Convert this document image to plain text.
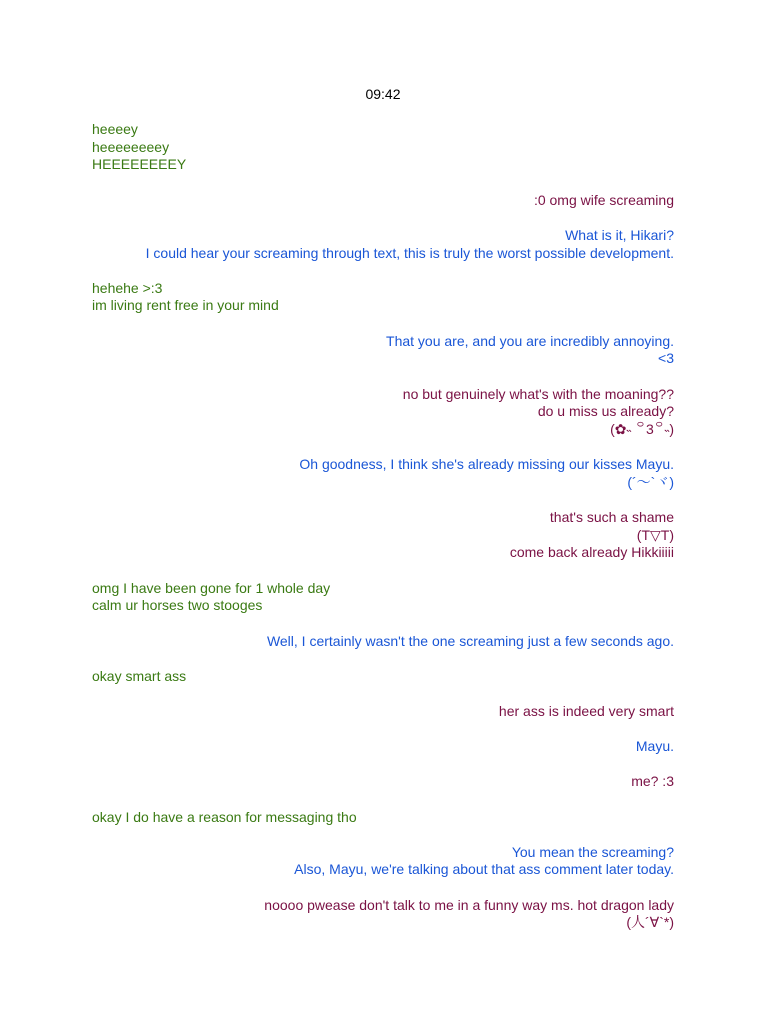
09:42
heeeey
heeeeeeeey
HEEEEEEEEY
:0 omg wife screaming
What is it, Hikari?
I could hear your screaming through text, this is truly the worst possible development.
hehehe >:3
im living rent free in your mind
That you are, and you are incredibly annoying.
<3
no but genuinely what's with the moaning??
do u miss us already?
(✿˵ ꒪3꒪˵)
Oh goodness, I think she's already missing our kisses Mayu.
(´～`ヾ)
that's such a shame
(T▽T)
come back already Hikkiiiii
omg I have been gone for 1 whole day
calm ur horses two stooges
Well, I certainly wasn't the one screaming just a few seconds ago.
okay smart ass
her ass is indeed very smart
Mayu.
me? :3
okay I do have a reason for messaging tho
You mean the screaming?
Also, Mayu, we're talking about that ass comment later today.
noooo pwease don't talk to me in a funny way ms. hot dragon lady
(人´∀`*)
